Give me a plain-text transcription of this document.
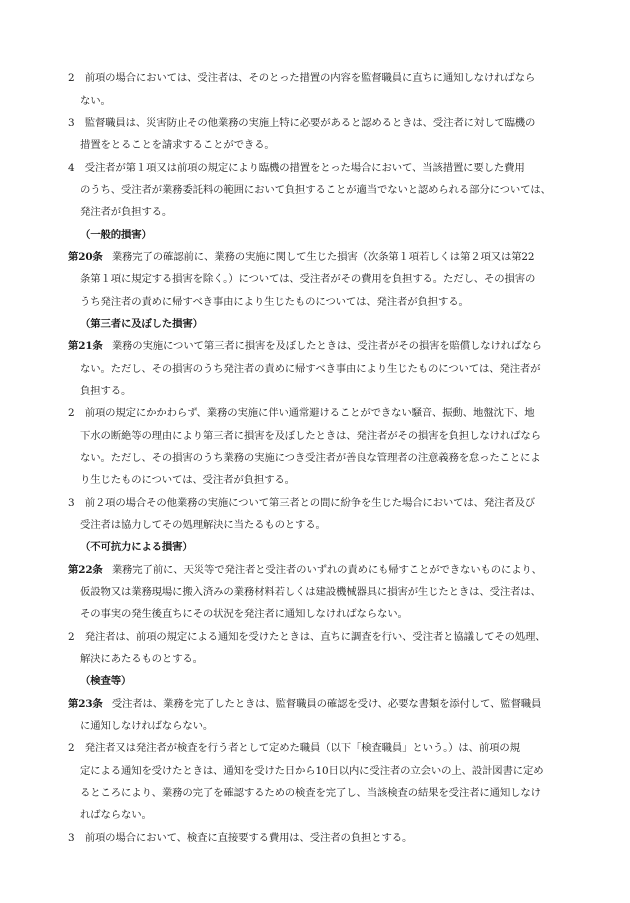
2　前項の場合においては、受注者は、そのとった措置の内容を監督職員に直ちに通知しなければなら
ない。
3　監督職員は、災害防止その他業務の実施上特に必要があると認めるときは、受注者に対して臨機の
措置をとることを請求することができる。
4　受注者が第１項又は前項の規定により臨機の措置をとった場合において、当該措置に要した費用
のうち、受注者が業務委託料の範囲において負担することが適当でないと認められる部分については、
発注者が負担する。
（一般的損害）
第20条 業務完了の確認前に、業務の実施に関して生じた損害（次条第１項若しくは第２項又は第22
条第１項に規定する損害を除く。）については、受注者がその費用を負担する。ただし、その損害の
うち発注者の責めに帰すべき事由により生じたものについては、発注者が負担する。
（第三者に及ぼした損害）
第21条 業務の実施について第三者に損害を及ぼしたときは、受注者がその損害を賠償しなければなら
ない。ただし、その損害のうち発注者の責めに帰すべき事由により生じたものについては、発注者が
負担する。
2　前項の規定にかかわらず、業務の実施に伴い通常避けることができない騒音、振動、地盤沈下、地
下水の断絶等の理由により第三者に損害を及ぼしたときは、発注者がその損害を負担しなければなら
ない。ただし、その損害のうち業務の実施につき受注者が善良な管理者の注意義務を怠ったことによ
り生じたものについては、受注者が負担する。
3　前２項の場合その他業務の実施について第三者との間に紛争を生じた場合においては、発注者及び
受注者は協力してその処理解決に当たるものとする。
（不可抗力による損害）
第22条 業務完了前に、天災等で発注者と受注者のいずれの責めにも帰すことができないものにより、
仮設物又は業務現場に搬入済みの業務材料若しくは建設機械器具に損害が生じたときは、受注者は、
その事実の発生後直ちにその状況を発注者に通知しなければならない。
2　発注者は、前項の規定による通知を受けたときは、直ちに調査を行い、受注者と協議してその処理、
解決にあたるものとする。
（検査等）
第23条 受注者は、業務を完了したときは、監督職員の確認を受け、必要な書類を添付して、監督職員
に通知しなければならない。
2　発注者又は発注者が検査を行う者として定めた職員（以下「検査職員」という。）は、前項の規
定による通知を受けたときは、通知を受けた日から10日以内に受注者の立会いの上、設計図書に定め
るところにより、業務の完了を確認するための検査を完了し、当該検査の結果を受注者に通知しなけ
ればならない。
3　前項の場合において、検査に直接要する費用は、受注者の負担とする。
